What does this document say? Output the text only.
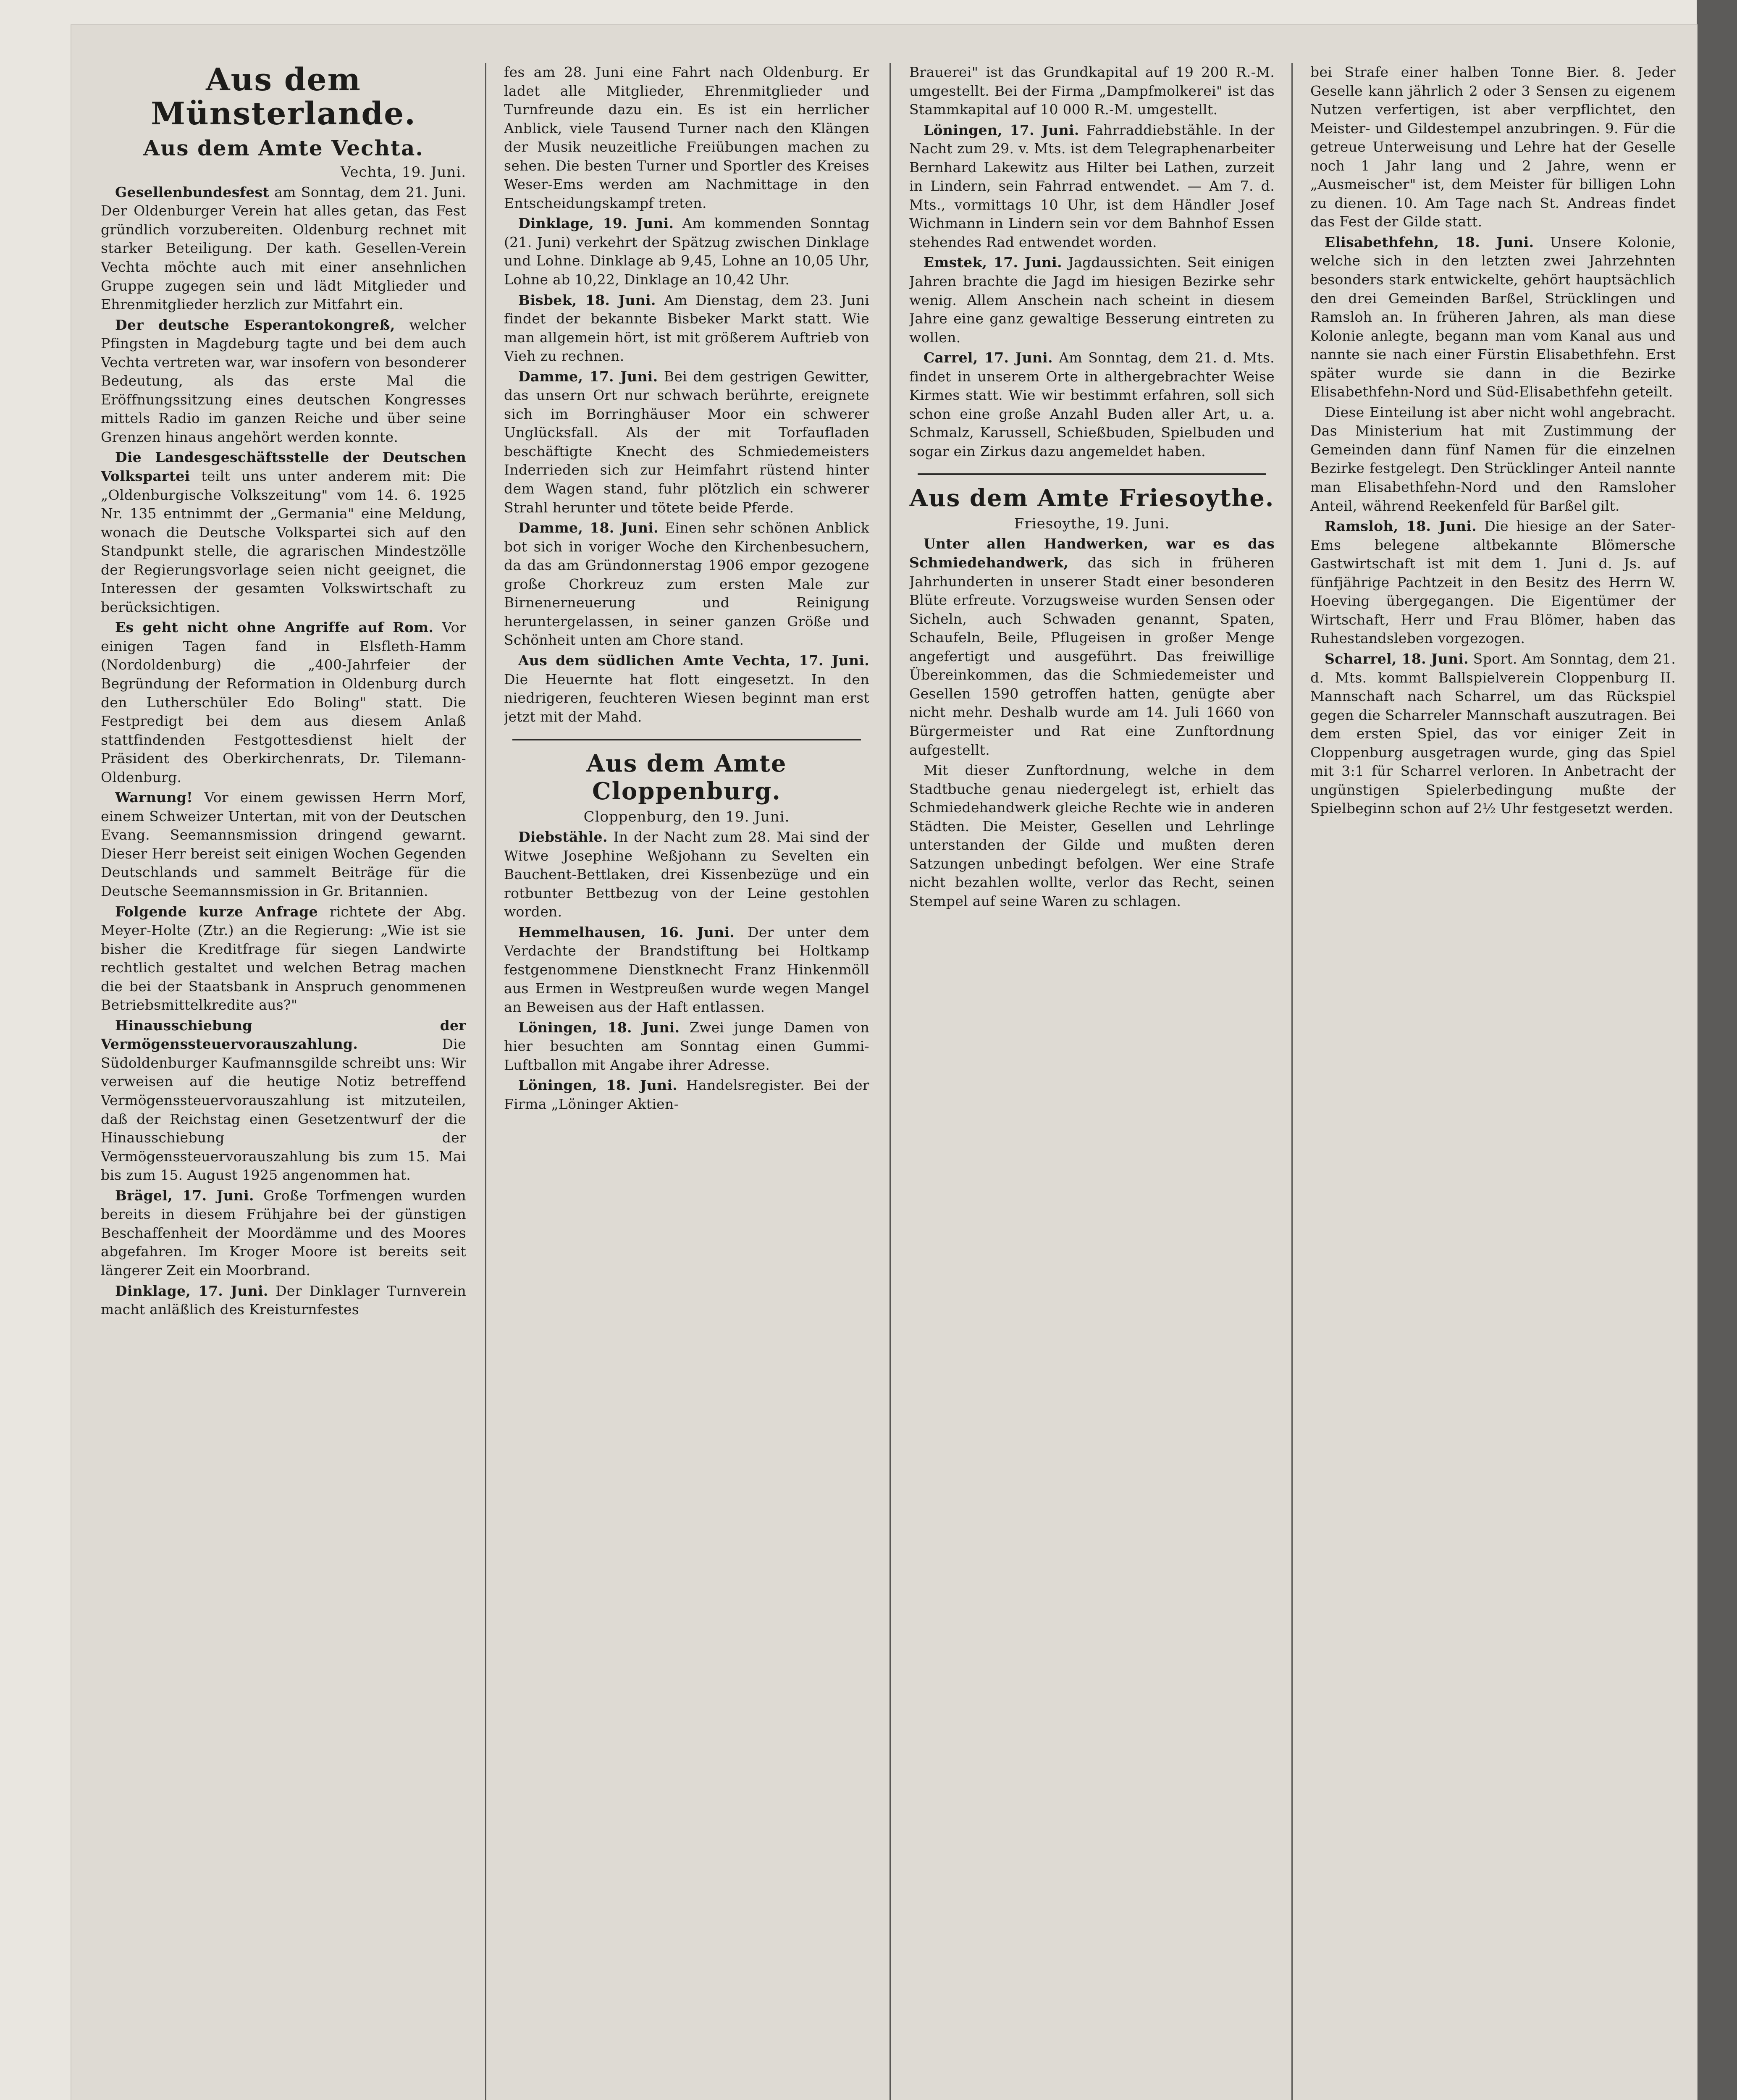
Aus dem Münsterlande.
Aus dem Amte Vechta.
Vechta, 19. Juni.

Gesellenbundesfest am Sonntag, dem 21. Juni. Der Oldenburger Verein hat alles getan, das Fest gründlich vorzubereiten. Oldenburg rechnet mit starker Beteiligung. Der kath. Gesellen-Verein Vechta möchte auch mit einer ansehnlichen Gruppe zugegen sein und lädt Mitglieder und Ehrenmitglieder herzlich zur Mitfahrt ein.

Der deutsche Esperantokongreß, welcher Pfingsten in Magdeburg tagte und bei dem auch Vechta vertreten war, war insofern von besonderer Bedeutung, als das erste Mal die Eröffnungssitzung eines deutschen Kongresses mittels Radio im ganzen Reiche und über seine Grenzen hinaus angehört werden konnte.

Die Landesgeschäftsstelle der Deutschen Volkspartei teilt uns unter anderem mit: Die „Oldenburgische Volkszeitung" vom 14. 6. 1925 Nr. 135 entnimmt der „Germania" eine Meldung, wonach die Deutsche Volkspartei sich auf den Standpunkt stelle, die agrarischen Mindestzölle der Regierungsvorlage seien nicht geeignet, die Interessen der gesamten Volkswirtschaft zu berücksichtigen.

Es geht nicht ohne Angriffe auf Rom. Vor einigen Tagen fand in Elsfleth-Hamm (Nordoldenburg) die „400-Jahrfeier der Begründung der Reformation in Oldenburg durch den Lutherschüler Edo Boling" statt. Die Festpredigt bei dem aus diesem Anlaß stattfindenden Festgottesdienst hielt der Präsident des Oberkirchenrats, Dr. Tilemann-Oldenburg.

Warnung! Vor einem gewissen Herrn Morf, einem Schweizer Untertan, mit von der Deutschen Evang. Seemannsmission dringend gewarnt. Dieser Herr bereist seit einigen Wochen Gegenden Deutschlands und sammelt Beiträge für die Deutsche Seemannsmission in Gr. Britannien.

Folgende kurze Anfrage richtete der Abg. Meyer-Holte (Ztr.) an die Regierung: „Wie ist sie bisher die Kreditfrage für siegen Landwirte rechtlich gestaltet und welchen Betrag machen die bei der Staatsbank in Anspruch genommenen Betriebsmittelkredite aus?"

Hinausschiebung der Vermögenssteuervorauszahlung.	Die Südoldenburger Kaufmannsgilde schreibt uns: Wir verweisen auf die heutige Notiz betreffend Vermögenssteuervorauszahlung ist mitzuteilen, daß der Reichstag einen Gesetzentwurf der die Hinausschiebung der Vermögenssteuervorauszahlung bis zum 15. Mai bis zum 15. August 1925 angenommen hat.

Brägel, 17. Juni. Große Torfmengen wurden bereits in diesem Frühjahre bei der günstigen Beschaffenheit der Moordämme und des Moores abgefahren. Im Kroger Moore ist bereits seit längerer Zeit ein Moorbrand.

Dinklage, 17. Juni. Der Dinklager Turnverein macht anläßlich des Kreisturnfestes

fes am 28. Juni eine Fahrt nach Oldenburg. Er ladet alle Mitglieder, Ehrenmitglieder und Turnfreunde dazu ein. Es ist ein herrlicher Anblick, viele Tausend Turner nach den Klängen der Musik neuzeitliche Freiübungen machen zu sehen. Die besten Turner und Sportler des Kreises Weser-Ems werden am Nachmittage in den Entscheidungskampf treten.

Dinklage, 19. Juni. Am kommenden Sonntag (21. Juni) verkehrt der Spätzug zwischen Dinklage und Lohne. Dinklage ab 9,45, Lohne an 10,05 Uhr, Lohne ab 10,22, Dinklage an 10,42 Uhr.

Bisbek, 18. Juni. Am Dienstag, dem 23. Juni findet der bekannte Bisbeker Markt statt. Wie man allgemein hört, ist mit größerem Auftrieb von Vieh zu rechnen.

Damme, 17. Juni. Bei dem gestrigen Gewitter, das unsern Ort nur schwach berührte, ereignete sich im Borringhäuser Moor ein schwerer Unglücksfall. Als der mit Torfaufladen beschäftigte Knecht des Schmiedemeisters Inderrieden sich zur Heimfahrt rüstend hinter dem Wagen stand, fuhr plötzlich ein schwerer Strahl herunter und tötete beide Pferde.

Damme, 18. Juni. Einen sehr schönen Anblick bot sich in voriger Woche den Kirchenbesuchern, da das am Gründonnerstag 1906 empor gezogene große Chorkreuz zum ersten Male zur Birnenerneuerung und Reinigung heruntergelassen, in seiner ganzen Größe und Schönheit unten am Chore stand.

Aus dem südlichen Amte Vechta, 17. Juni. Die Heuernte hat flott eingesetzt. In den niedrigeren, feuchteren Wiesen beginnt man erst jetzt mit der Mahd.

Aus dem Amte Cloppenburg.
Cloppenburg, den 19. Juni.

Diebstähle. In der Nacht zum 28. Mai sind der Witwe Josephine Weßjohann zu Sevelten ein Bauchent-Bettlaken, drei Kissenbezüge und ein rotbunter Bettbezug von der Leine gestohlen worden.

Hemmelhausen, 16. Juni. Der unter dem Verdachte der Brandstiftung bei Holtkamp festgenommene Dienstknecht Franz Hinkenmöll aus Ermen in Westpreußen wurde wegen Mangel an Beweisen aus der Haft entlassen.

Löningen, 18. Juni. Zwei junge Damen von hier besuchten am Sonntag einen Gummi-Luftballon mit Angabe ihrer Adresse.

Löningen, 18. Juni. Handelsregister. Bei der Firma „Löninger Aktien-

Brauerei" ist das Grundkapital auf 19 200 R.-M. umgestellt. Bei der Firma „Dampfmolkerei" ist das Stammkapital auf 10 000 R.-M. umgestellt.

Löningen, 17. Juni. Fahrraddiebstähle. In der Nacht zum 29. v. Mts. ist dem Telegraphenarbeiter Bernhard Lakewitz aus Hilter bei Lathen, zurzeit in Lindern, sein Fahrrad entwendet. — Am 7. d. Mts., vormittags 10 Uhr, ist dem Händler Josef Wichmann in Lindern sein vor dem Bahnhof Essen stehendes Rad entwendet worden.

Emstek, 17. Juni. Jagdaussichten. Seit einigen Jahren brachte die Jagd im hiesigen Bezirke sehr wenig. Allem Anschein nach scheint in diesem Jahre eine ganz gewaltige Besserung eintreten zu wollen.

Carrel, 17. Juni. Am Sonntag, dem 21. d. Mts. findet in unserem Orte in althergebrachter Weise Kirmes statt. Wie wir bestimmt erfahren, soll sich schon eine große Anzahl Buden aller Art, u. a. Schmalz, Karussell, Schießbuden, Spielbuden und sogar ein Zirkus dazu angemeldet haben.

Aus dem Amte Friesoythe.
Friesoythe, 19. Juni.

Unter allen Handwerken, war es das Schmiedehandwerk, das sich in früheren Jahrhunderten in unserer Stadt einer besonderen Blüte erfreute. Vorzugsweise wurden Sensen oder Sicheln, auch Schwaden genannt, Spaten, Schaufeln, Beile, Pflugeisen in großer Menge angefertigt und ausgeführt. Das freiwillige Übereinkommen, das die Schmiedemeister und Gesellen 1590 getroffen hatten, genügte aber nicht mehr. Deshalb wurde am 14. Juli 1660 von Bürgermeister und Rat eine Zunftordnung aufgestellt.

Mit dieser Zunftordnung, welche in dem Stadtbuche genau niedergelegt ist, erhielt das Schmiedehandwerk gleiche Rechte wie in anderen Städten. Die Meister, Gesellen und Lehrlinge unterstanden der Gilde und mußten deren Satzungen unbedingt befolgen. Wer eine Strafe nicht bezahlen wollte, verlor das Recht, seinen Stempel auf seine Waren zu schlagen.

bei Strafe einer halben Tonne Bier. 8. Jeder Geselle kann jährlich 2 oder 3 Sensen zu eigenem Nutzen verfertigen, ist aber verpflichtet, den Meister- und Gildestempel anzubringen. 9. Für die getreue Unterweisung und Lehre hat der Geselle noch 1 Jahr lang und 2 Jahre, wenn er „Ausmeischer" ist, dem Meister für billigen Lohn zu dienen. 10. Am Tage nach St. Andreas findet das Fest der Gilde statt.

Elisabethfehn, 18. Juni. Unsere Kolonie, welche sich in den letzten zwei Jahrzehnten besonders stark entwickelte, gehört hauptsächlich den drei Gemeinden Barßel, Strücklingen und Ramsloh an. In früheren Jahren, als man diese Kolonie anlegte, begann man vom Kanal aus und nannte sie nach einer Fürstin Elisabethfehn. Erst später wurde sie dann in die Bezirke Elisabethfehn-Nord und Süd-Elisabethfehn geteilt.

Diese Einteilung ist aber nicht wohl angebracht. Das Ministerium hat mit Zustimmung der Gemeinden dann fünf Namen für die einzelnen Bezirke festgelegt. Den Strücklinger Anteil nannte man Elisabethfehn-Nord und den Ramsloher Anteil, während Reekenfeld für Barßel gilt.

Ramsloh, 18. Juni. Die hiesige an der Sater-Ems belegene altbekannte Blömersche Gastwirtschaft ist mit dem 1. Juni d. Js. auf fünfjährige Pachtzeit in den Besitz des Herrn W. Hoeving übergegangen. Die Eigentümer der Wirtschaft, Herr und Frau Blömer, haben das Ruhestandsleben vorgezogen.

Scharrel, 18. Juni. Sport. Am Sonntag, dem 21. d. Mts. kommt Ballspielverein Cloppenburg II. Mannschaft nach Scharrel, um das Rückspiel gegen die Scharreler Mannschaft auszutragen. Bei dem ersten Spiel, das vor einiger Zeit in Cloppenburg ausgetragen wurde, ging das Spiel mit 3:1 für Scharrel verloren. In Anbetracht der ungünstigen Spielerbedingung mußte der Spielbeginn schon auf 2½ Uhr festgesetzt werden.
